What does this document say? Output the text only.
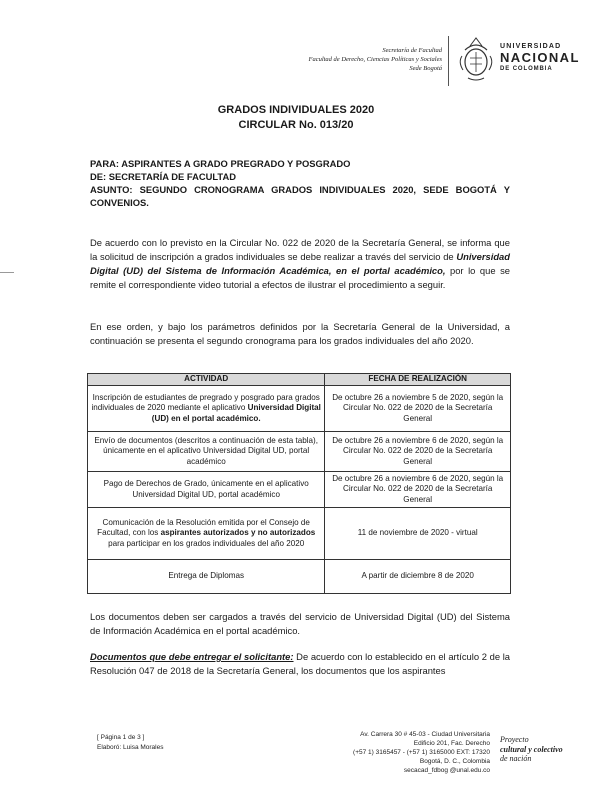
Secretaría de Facultad
Facultad de Derecho, Ciencias Políticas y Sociales
Sede Bogotá
UNIVERSIDAD
NACIONAL
DE COLOMBIA
GRADOS INDIVIDUALES 2020
CIRCULAR No. 013/20
PARA: ASPIRANTES A GRADO PREGRADO Y POSGRADO
DE: SECRETARÍA DE FACULTAD
ASUNTO: SEGUNDO CRONOGRAMA GRADOS INDIVIDUALES 2020, SEDE BOGOTÁ Y CONVENIOS.

De acuerdo con lo previsto en la Circular No. 022 de 2020 de la Secretaría General, se informa que la solicitud de inscripción a grados individuales se debe realizar a través del servicio de Universidad Digital (UD) del Sistema de Información Académica, en el portal académico, por lo que se remite el correspondiente video tutorial a efectos de ilustrar el procedimiento a seguir.

En ese orden, y bajo los parámetros definidos por la Secretaría General de la Universidad, a continuación se presenta el segundo cronograma para los grados individuales del año 2020.

ACTIVIDAD	FECHA DE REALIZACIÓN
Inscripción de estudiantes de pregrado y posgrado para grados individuales de 2020 mediante el aplicativo Universidad Digital (UD) en el portal académico.	De octubre 26 a noviembre 5 de 2020, según la Circular No. 022 de 2020 de la Secretaría General
Envío de documentos (descritos a continuación de esta tabla), únicamente en el aplicativo Universidad Digital UD, portal académico	De octubre 26 a noviembre 6 de 2020, según la Circular No. 022 de 2020 de la Secretaría General
Pago de Derechos de Grado, únicamente en el aplicativo Universidad Digital UD, portal académico	De octubre 26 a noviembre 6 de 2020, según la Circular No. 022 de 2020 de la Secretaría General
Comunicación de la Resolución emitida por el Consejo de Facultad, con los aspirantes autorizados y no autorizados para participar en los grados individuales del año 2020	11 de noviembre de 2020 - virtual
Entrega de Diplomas	A partir de diciembre 8 de 2020

Los documentos deben ser cargados a través del servicio de Universidad Digital (UD) del Sistema de Información Académica en el portal académico.

Documentos que debe entregar el solicitante: De acuerdo con lo establecido en el artículo 2 de la Resolución 047 de 2018 de la Secretaría General, los documentos que los aspirantes

[ Página 1 de 3 ]
Elaboró: Luisa Morales
Av. Carrera 30 # 45-03 - Ciudad Universitaria
Edificio 201, Fac. Derecho
(+57 1) 3165457 - (+57 1) 3165000 EXT: 17320
Bogotá, D. C., Colombia
secacad_fdbog @unal.edu.co
Proyecto
cultural y colectivo
de nación
